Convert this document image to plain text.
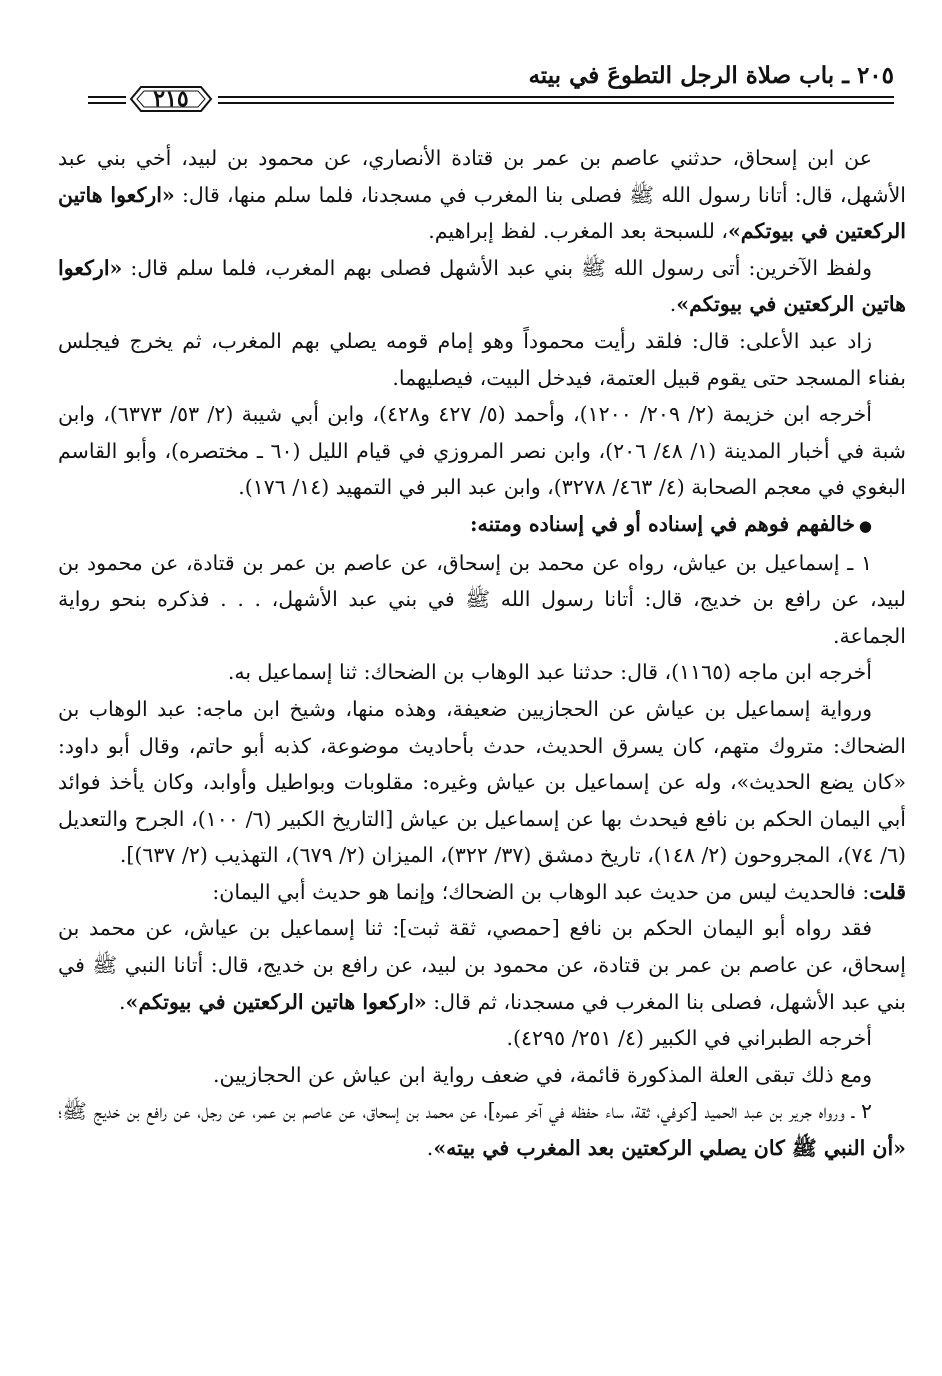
٢٠٥ ـ باب صلاة الرجل التطوعَ في بيته
٢١٥

عن ابن إسحاق، حدثني عاصم بن عمر بن قتادة الأنصاري، عن محمود بن لبيد، أخي بني عبد الأشهل، قال: أتانا رسول الله ﷺ فصلى بنا المغرب في مسجدنا، فلما سلم منها، قال: «اركعوا هاتين الركعتين في بيوتكم»، للسبحة بعد المغرب. لفظ إبراهيم.

ولفظ الآخرين: أتى رسول الله ﷺ بني عبد الأشهل فصلى بهم المغرب، فلما سلم قال: «اركعوا هاتين الركعتين في بيوتكم».

زاد عبد الأعلى: قال: فلقد رأيت محموداً وهو إمام قومه يصلي بهم المغرب، ثم يخرج فيجلس بفناء المسجد حتى يقوم قبيل العتمة، فيدخل البيت، فيصليهما.

أخرجه ابن خزيمة (٢/ ٢٠٩/ ١٢٠٠)، وأحمد (٥/ ٤٢٧ و٤٢٨)، وابن أبي شيبة (٢/ ٥٣/ ٦٣٧٣)، وابن شبة في أخبار المدينة (١/ ٤٨/ ٢٠٦)، وابن نصر المروزي في قيام الليل (٦٠ ـ مختصره)، وأبو القاسم البغوي في معجم الصحابة (٤/ ٤٦٣/ ٣٢٧٨)، وابن عبد البر في التمهيد (١٤/ ١٧٦).

●خالفهم فوهم في إسناده أو في إسناده ومتنه:

١ ـ إسماعيل بن عياش، رواه عن محمد بن إسحاق، عن عاصم بن عمر بن قتادة، عن محمود بن لبيد، عن رافع بن خديج، قال: أتانا رسول الله ﷺ في بني عبد الأشهل، . . . فذكره بنحو رواية الجماعة.

أخرجه ابن ماجه (١١٦٥)، قال: حدثنا عبد الوهاب بن الضحاك: ثنا إسماعيل به.

ورواية إسماعيل بن عياش عن الحجازيين ضعيفة، وهذه منها، وشيخ ابن ماجه: عبد الوهاب بن الضحاك: متروك متهم، كان يسرق الحديث، حدث بأحاديث موضوعة، كذبه أبو حاتم، وقال أبو داود: «كان يضع الحديث»، وله عن إسماعيل بن عياش وغيره: مقلوبات وبواطيل وأوابد، وكان يأخذ فوائد أبي اليمان الحكم بن نافع فيحدث بها عن إسماعيل بن عياش [التاريخ الكبير (٦/ ١٠٠)، الجرح والتعديل (٦/ ٧٤)، المجروحون (٢/ ١٤٨)، تاريخ دمشق (٣٧/ ٣٢٢)، الميزان (٢/ ٦٧٩)، التهذيب (٢/ ٦٣٧)].

قلت: فالحديث ليس من حديث عبد الوهاب بن الضحاك؛ وإنما هو حديث أبي اليمان:

فقد رواه أبو اليمان الحكم بن نافع [حمصي، ثقة ثبت]: ثنا إسماعيل بن عياش، عن محمد بن إسحاق، عن عاصم بن عمر بن قتادة، عن محمود بن لبيد، عن رافع بن خديج، قال: أتانا النبي ﷺ في بني عبد الأشهل، فصلى بنا المغرب في مسجدنا، ثم قال: «اركعوا هاتين الركعتين في بيوتكم».

أخرجه الطبراني في الكبير (٤/ ٢٥١/ ٤٢٩٥).

ومع ذلك تبقى العلة المذكورة قائمة، في ضعف رواية ابن عياش عن الحجازيين.

٢ ـ ورواه جرير بن عبد الحميد [كوفي، ثقة، ساء حفظه في آخر عمره]، عن محمد بن إسحاق، عن عاصم بن عمر، عن رجل، عن رافع بن خديج ﷺ؛ «أن النبي ﷺ كان يصلي الركعتين بعد المغرب في بيته».
